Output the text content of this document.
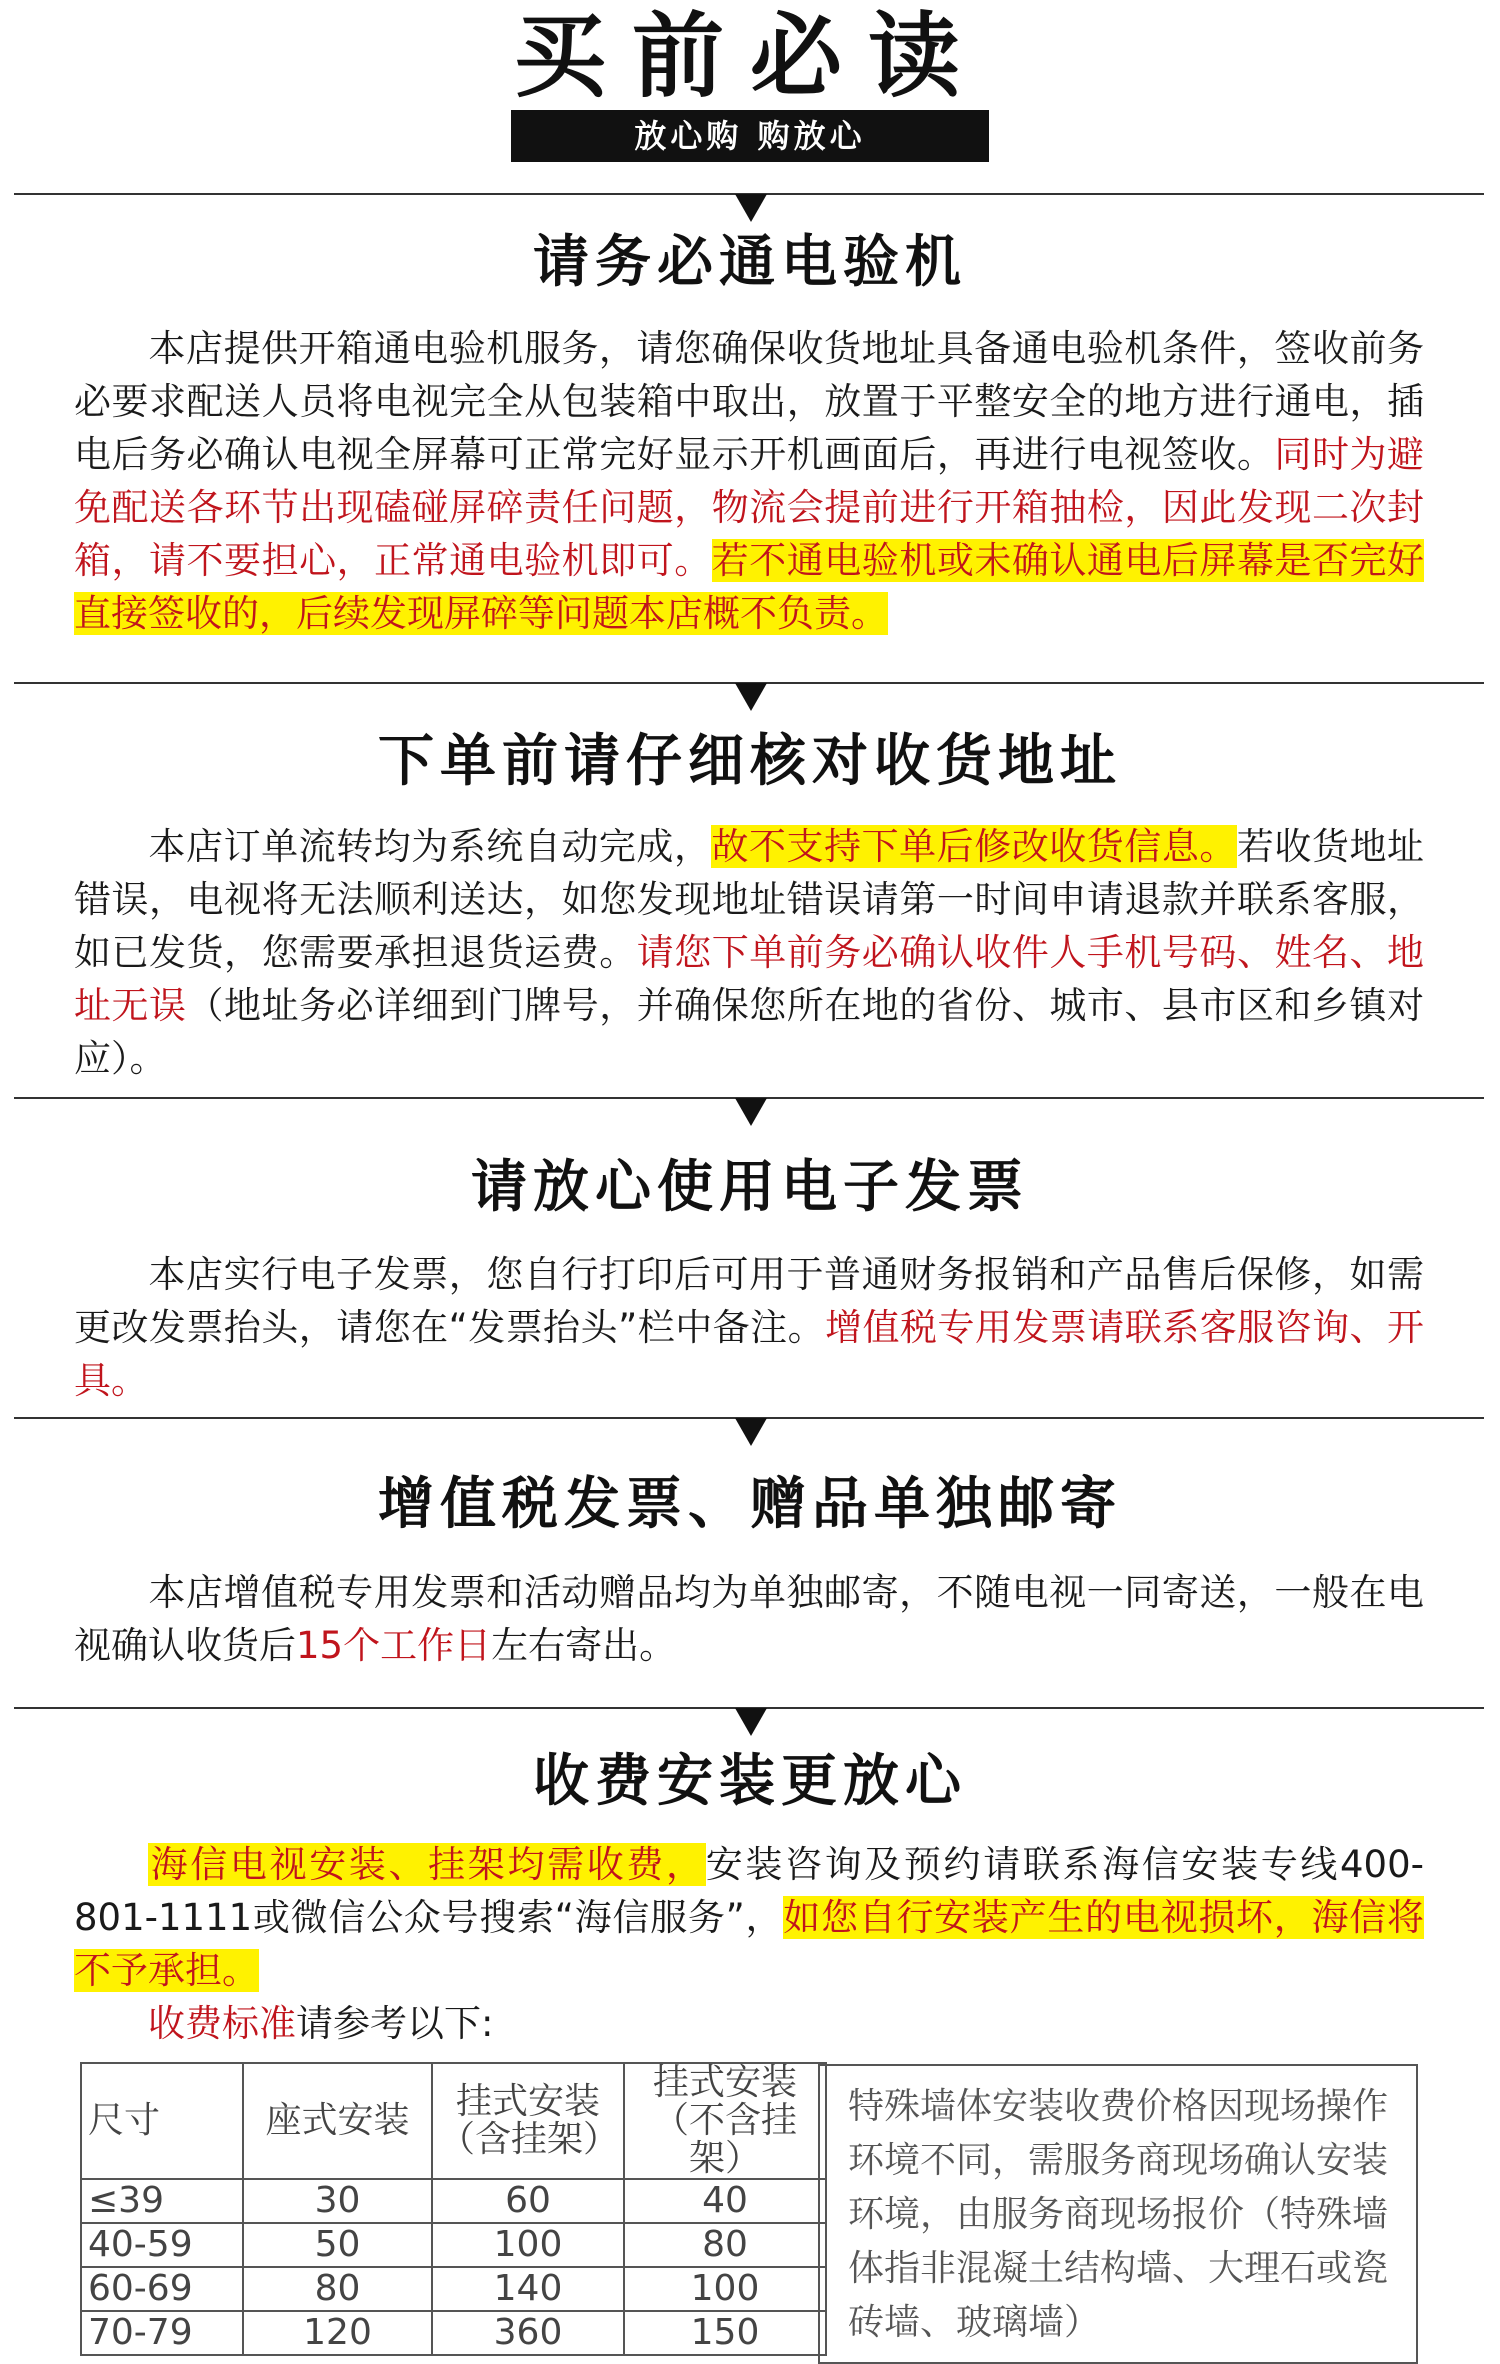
买前必读
放心购 购放心
请务必通电验机
本店提供开箱通电验机服务，请您确保收货地址具备通电验机条件，签收前务必要求配送人员将电视完全从包装箱中取出，放置于平整安全的地方进行通电，插电后务必确认电视全屏幕可正常完好显示开机画面后，再进行电视签收。同时为避免配送各环节出现磕碰屏碎责任问题，物流会提前进行开箱抽检，因此发现二次封箱，请不要担心，正常通电验机即可。若不通电验机或未确认通电后屏幕是否完好直接签收的，后续发现屏碎等问题本店概不负责。
下单前请仔细核对收货地址
本店订单流转均为系统自动完成，故不支持下单后修改收货信息。若收货地址错误，电视将无法顺利送达，如您发现地址错误请第一时间申请退款并联系客服，如已发货，您需要承担退货运费。请您下单前务必确认收件人手机号码、姓名、地址无误（地址务必详细到门牌号，并确保您所在地的省份、城市、县市区和乡镇对应）。
请放心使用电子发票
本店实行电子发票，您自行打印后可用于普通财务报销和产品售后保修，如需更改发票抬头，请您在“发票抬头”栏中备注。增值税专用发票请联系客服咨询、开具。
增值税发票、赠品单独邮寄
本店增值税专用发票和活动赠品均为单独邮寄，不随电视一同寄送，一般在电视确认收货后15个工作日左右寄出。
收费安装更放心
海信电视安装、挂架均需收费，安装咨询及预约请联系海信安装专线400-801-1111或微信公众号搜索“海信服务”，如您自行安装产生的电视损坏，海信将不予承担。
收费标准请参考以下:
尺寸	座式安装	挂式安装（含挂架）	挂式安装（不含挂架）
≤39	30	60	40
40-59	50	100	80
60-69	80	140	100
70-79	120	360	150
特殊墙体安装收费价格因现场操作环境不同，需服务商现场确认安装环境，由服务商现场报价（特殊墙体指非混凝土结构墙、大理石或瓷砖墙、玻璃墙）
